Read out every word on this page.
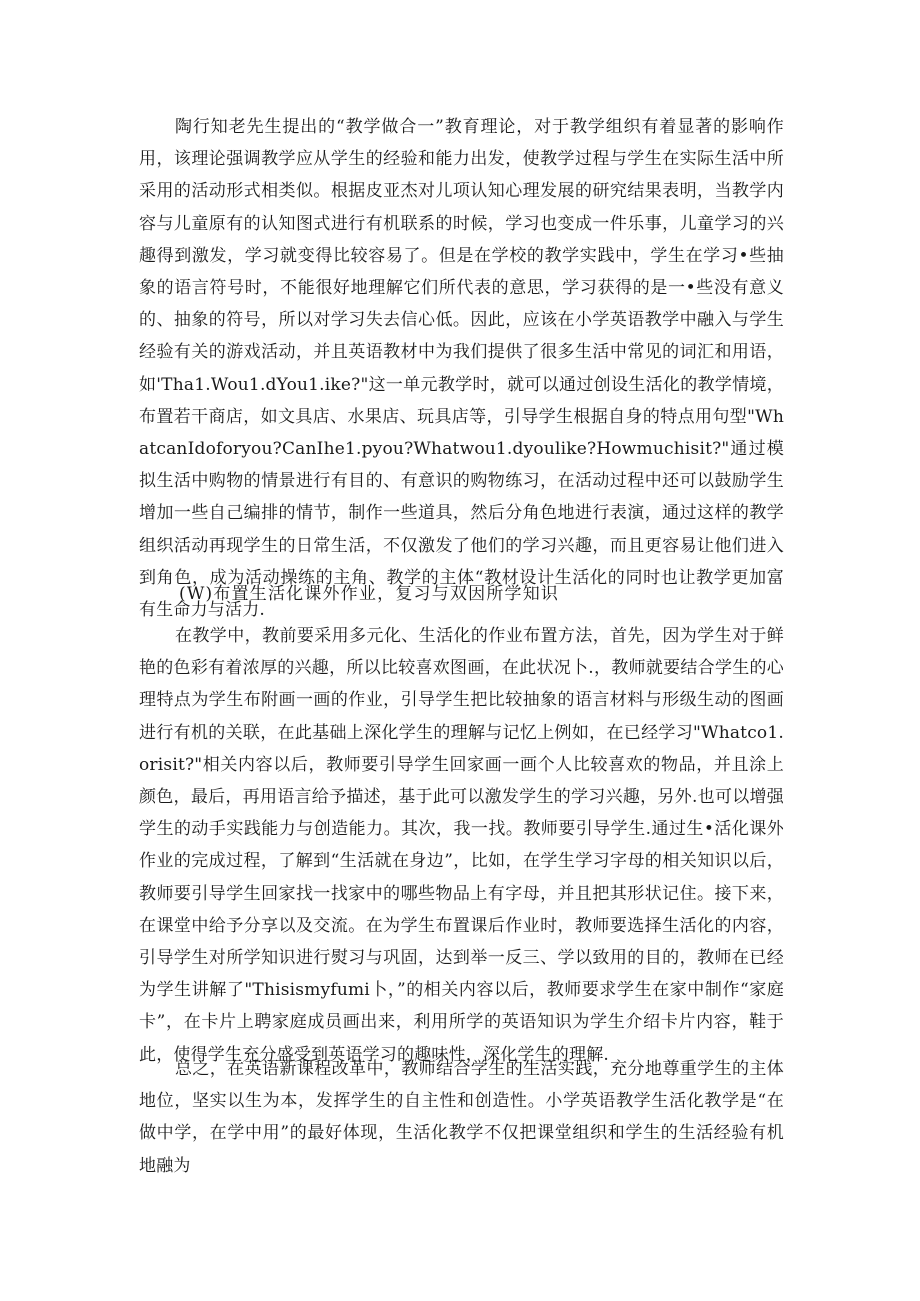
陶行知老先生提出的“教学做合一”教育理论，对于教学组织有着显著的影响作用，该理论强调教学应从学生的经验和能力出发，使教学过程与学生在实际生活中所采用的活动形式相类似。根据皮亚杰对儿项认知心理发展的研究结果表明，当教学内容与儿童原有的认知图式进行有机联系的时候，学习也变成一件乐事，儿童学习的兴趣得到激发，学习就变得比较容易了。但是在学校的教学实践中，学生在学习•些抽象的语言符号时，不能很好地理解它们所代表的意思，学习获得的是一•些没有意义的、抽象的符号，所以对学习失去信心低。因此，应该在小学英语教学中融入与学生经验有关的游戏活动，并且英语教材中为我们提供了很多生活中常见的词汇和用语，如'Tha1.Wou1.dYou1.ike?"这一单元教学时，就可以通过创设生活化的教学情境，布置若干商店，如文具店、水果店、玩具店等，引导学生根据自身的特点用句型"WhatcanIdoforyou?CanIhe1.pyou?Whatwou1.dyoulike?Howmuchisit?"通过模拟生活中购物的情景进行有目的、有意识的购物练习，在活动过程中还可以鼓励学生增加一些自己编排的情节，制作一些道具，然后分角色地进行表演，通过这样的教学组织活动再现学生的日常生活，不仅激发了他们的学习兴趣，而且更容易让他们进入到角色，成为活动操练的主角、教学的主体“教材设计生活化的同时也让教学更加富有生命力与活力.

(W)布置生活化课外作业，复习与双因所学知识

在教学中，教前要采用多元化、生活化的作业布置方法，首先，因为学生对于鲜艳的色彩有着浓厚的兴趣，所以比较喜欢图画，在此状况卜.，教师就要结合学生的心理特点为学生布附画一画的作业，引导学生把比较抽象的语言材料与形级生动的图画进行有机的关联，在此基础上深化学生的理解与记忆上例如，在已经学习"Whatco1.orisit?"相关内容以后，教师要引导学生回家画一画个人比较喜欢的物品，并且涂上颜色，最后，再用语言给予描述，基于此可以激发学生的学习兴趣，另外.也可以增强学生的动手实践能力与创造能力。其次，我一找。教师要引导学生.通过生•活化课外作业的完成过程，了解到“生活就在身边”，比如，在学生学习字母的相关知识以后，教师要引导学生回家找一找家中的哪些物品上有字母，并且把其形状记住。接下来，在课堂中给予分享以及交流。在为学生布置课后作业时，教师要选择生活化的内容，引导学生对所学知识进行熨习与巩固，达到举一反三、学以致用的目的，教师在已经为学生讲解了"Thisismyfumi卜，”的相关内容以后，教师要求学生在家中制作“家庭卡”，在卡片上聘家庭成员画出来，利用所学的英语知识为学生介绍卡片内容，鞋于此，使得学生充分盛受到英语学习的趣味性，深化学生的理解.

总之，在英语新课程改革中，教师结合学生的生活实践，充分地尊重学生的主体地位，坚实以生为本，发挥学生的自主性和创造性。小学英语教学生活化教学是“在做中学，在学中用”的最好体现，生活化教学不仅把课堂组织和学生的生活经验有机地融为
